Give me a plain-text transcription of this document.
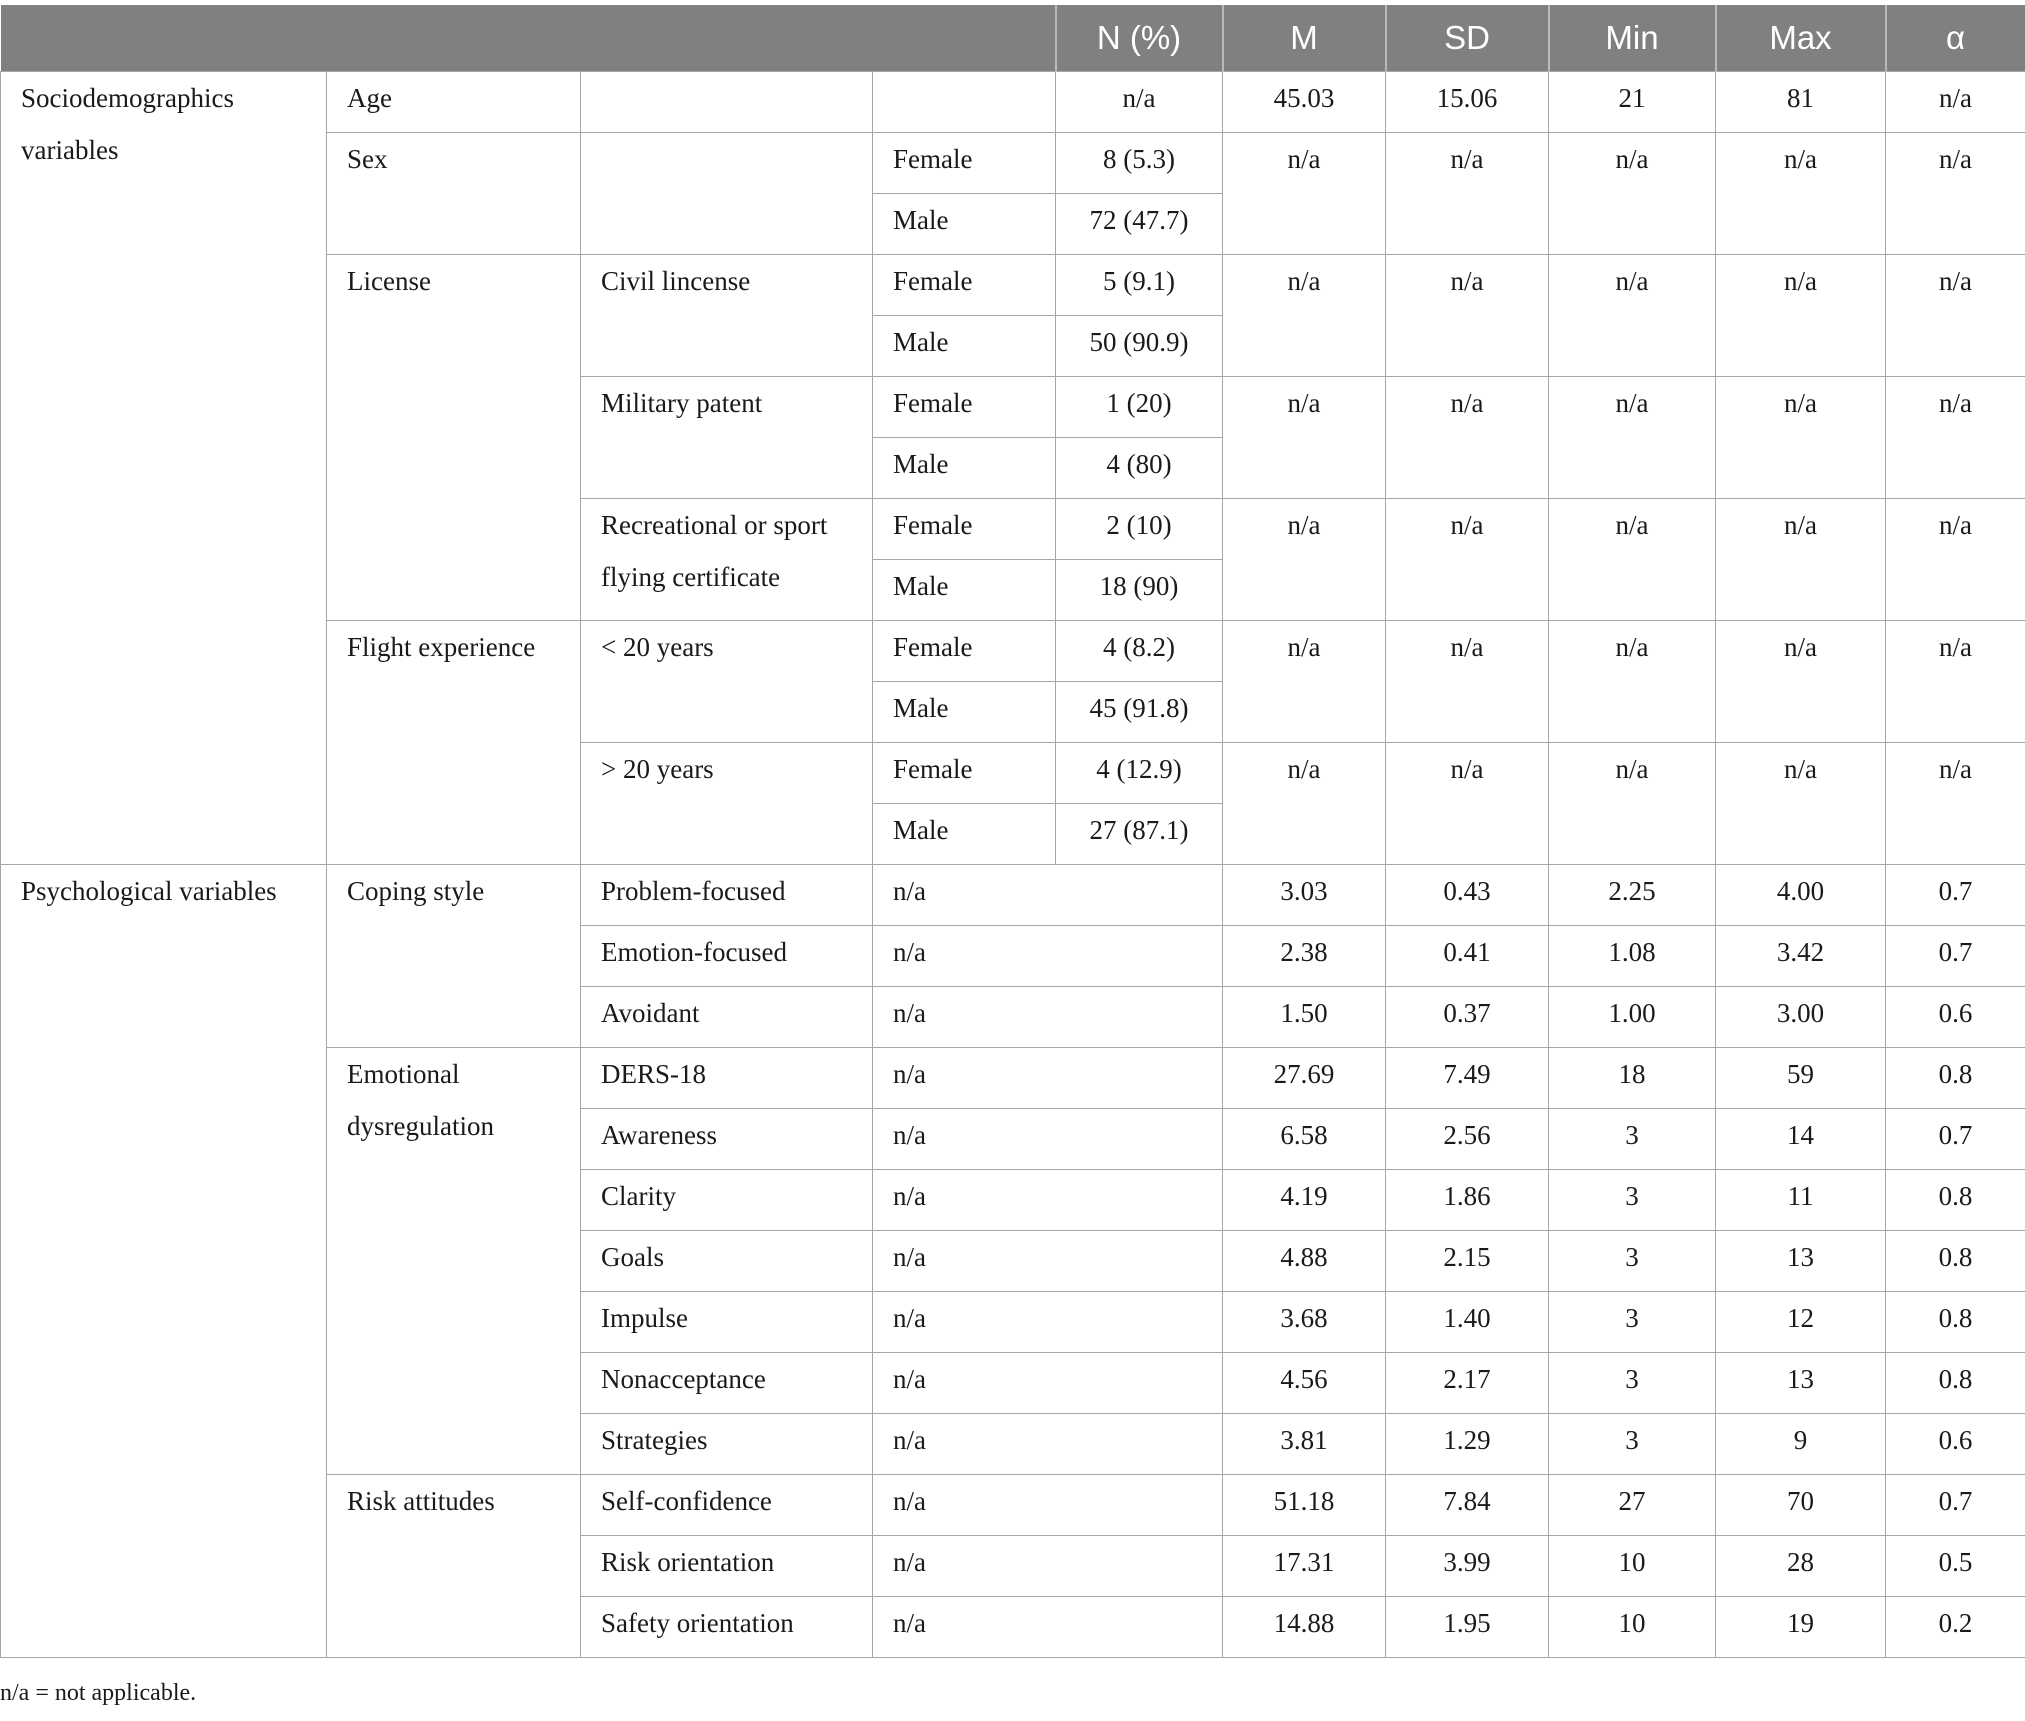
				N (%)	M	SD	Min	Max	α
Sociodemographics variables	Age			n/a	45.03	15.06	21	81	n/a
	Sex		Female	8 (5.3)	n/a	n/a	n/a	n/a	n/a
			Male	72 (47.7)					
	License	Civil lincense	Female	5 (9.1)	n/a	n/a	n/a	n/a	n/a
			Male	50 (90.9)					
		Military patent	Female	1 (20)	n/a	n/a	n/a	n/a	n/a
			Male	4 (80)					
		Recreational or sport flying certificate	Female	2 (10)	n/a	n/a	n/a	n/a	n/a
			Male	18 (90)					
	Flight experience	< 20 years	Female	4 (8.2)	n/a	n/a	n/a	n/a	n/a
			Male	45 (91.8)					
		> 20 years	Female	4 (12.9)	n/a	n/a	n/a	n/a	n/a
			Male	27 (87.1)					
Psychological variables	Coping style	Problem-focused	n/a		3.03	0.43	2.25	4.00	0.7
		Emotion-focused	n/a		2.38	0.41	1.08	3.42	0.7
		Avoidant	n/a		1.50	0.37	1.00	3.00	0.6
	Emotional dysregulation	DERS-18	n/a		27.69	7.49	18	59	0.8
		Awareness	n/a		6.58	2.56	3	14	0.7
		Clarity	n/a		4.19	1.86	3	11	0.8
		Goals	n/a		4.88	2.15	3	13	0.8
		Impulse	n/a		3.68	1.40	3	12	0.8
		Nonacceptance	n/a		4.56	2.17	3	13	0.8
		Strategies	n/a		3.81	1.29	3	9	0.6
	Risk attitudes	Self-confidence	n/a		51.18	7.84	27	70	0.7
		Risk orientation	n/a		17.31	3.99	10	28	0.5
		Safety orientation	n/a		14.88	1.95	10	19	0.2
n/a = not applicable.
